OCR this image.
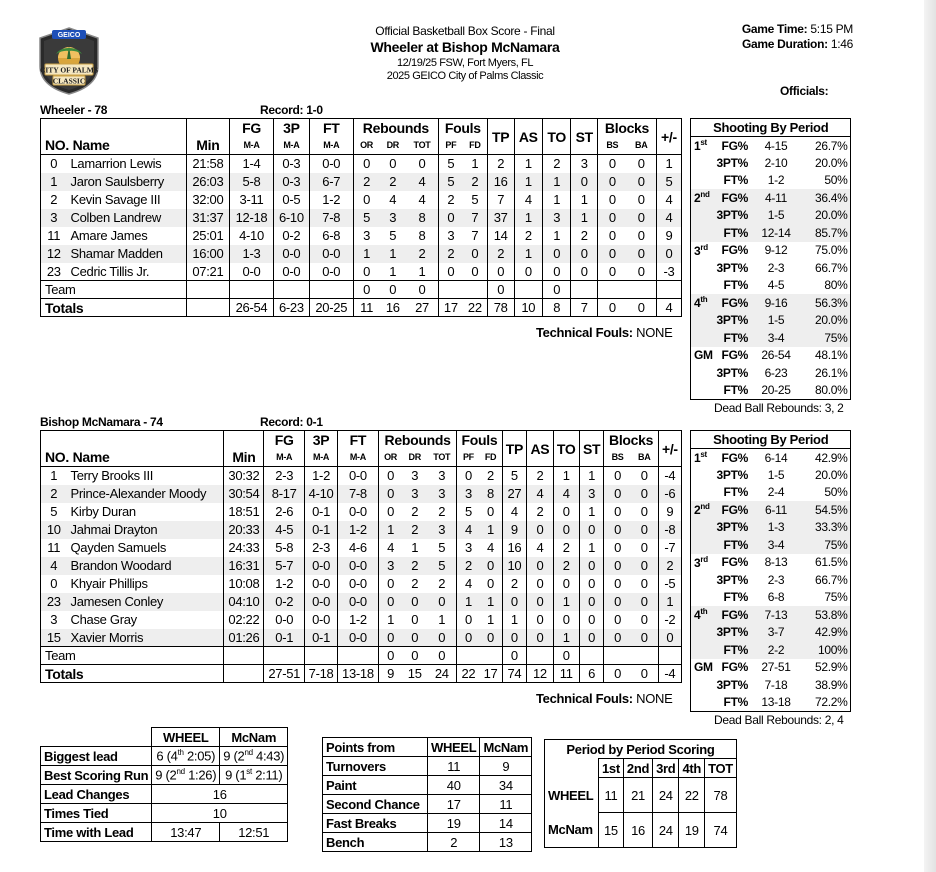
GEICO
CITY OF PALMS
CLASSIC
Official Basketball Box Score - Final
Wheeler at Bishop McNamara
12/19/25 FSW, Fort Myers, FL
2025 GEICO City of Palms Classic
Game Time: 5:15 PM
Game Duration: 1:46
Officials:
Wheeler - 78	Record: 1-0
			FG	3P	FT	Rebounds			Fouls		TP	AS	TO	ST	Blocks		+/-
NO. Name		Min	M-A	M-A	M-A	OR	DR	TOT	PF	FD					BS	BA	
0	Lamarrion Lewis	21:58	1-4	0-3	0-0	0	0	0	5	1	2	1	2	3	0	0	1
1	Jaron Saulsberry	26:03	5-8	0-3	6-7	2	2	4	5	2	16	1	1	0	0	0	5
2	Kevin Savage III	32:00	3-11	0-5	1-2	0	4	4	2	5	7	4	1	1	0	0	4
3	Colben Landrew	31:37	12-18	6-10	7-8	5	3	8	0	7	37	1	3	1	0	0	4
11	Amare James	25:01	4-10	0-2	6-8	3	5	8	3	7	14	2	1	2	0	0	9
12	Shamar Madden	16:00	1-3	0-0	0-0	1	1	2	2	0	2	1	0	0	0	0	0
23	Cedric Tillis Jr.	07:21	0-0	0-0	0-0	0	1	1	0	0	0	0	0	0	0	0	-3
Team						0	0	0			0		0				
Totals			26-54	6-23	20-25	11	16	27	17	22	78	10	8	7	0	0	4
Technical Fouls: NONE
Shooting By Period			
1st	FG%	4-15	26.7%
	3PT%	2-10	20.0%
	FT%	1-2	50%
2nd	FG%	4-11	36.4%
	3PT%	1-5	20.0%
	FT%	12-14	85.7%
3rd	FG%	9-12	75.0%
	3PT%	2-3	66.7%
	FT%	4-5	80%
4th	FG%	9-16	56.3%
	3PT%	1-5	20.0%
	FT%	3-4	75%
GM	FG%	26-54	48.1%
	3PT%	6-23	26.1%
	FT%	20-25	80.0%
Dead Ball Rebounds: 3, 2
Bishop McNamara - 74	Record: 0-1
			FG	3P	FT	Rebounds			Fouls		TP	AS	TO	ST	Blocks		+/-
NO. Name		Min	M-A	M-A	M-A	OR	DR	TOT	PF	FD					BS	BA	
1	Terry Brooks III	30:32	2-3	1-2	0-0	0	3	3	0	2	5	2	1	1	0	0	-4
2	Prince-Alexander Moody	30:54	8-17	4-10	7-8	0	3	3	3	8	27	4	4	3	0	0	-6
5	Kirby Duran	18:51	2-6	0-1	0-0	0	2	2	5	0	4	2	0	1	0	0	9
10	Jahmai Drayton	20:33	4-5	0-1	1-2	1	2	3	4	1	9	0	0	0	0	0	-8
11	Qayden Samuels	24:33	5-8	2-3	4-6	4	1	5	3	4	16	4	2	1	0	0	-7
4	Brandon Woodard	16:31	5-7	0-0	0-0	3	2	5	2	0	10	0	2	0	0	0	2
0	Khyair Phillips	10:08	1-2	0-0	0-0	0	2	2	4	0	2	0	0	0	0	0	-5
23	Jamesen Conley	04:10	0-2	0-0	0-0	0	0	0	1	1	0	0	1	0	0	0	1
3	Chase Gray	02:22	0-0	0-0	1-2	1	0	1	0	1	1	0	0	0	0	0	-2
15	Xavier Morris	01:26	0-1	0-1	0-0	0	0	0	0	0	0	0	1	0	0	0	0
Team						0	0	0			0		0				
Totals			27-51	7-18	13-18	9	15	24	22	17	74	12	11	6	0	0	-4
Technical Fouls: NONE
Shooting By Period			
1st	FG%	6-14	42.9%
	3PT%	1-5	20.0%
	FT%	2-4	50%
2nd	FG%	6-11	54.5%
	3PT%	1-3	33.3%
	FT%	3-4	75%
3rd	FG%	8-13	61.5%
	3PT%	2-3	66.7%
	FT%	6-8	75%
4th	FG%	7-13	53.8%
	3PT%	3-7	42.9%
	FT%	2-2	100%
GM	FG%	27-51	52.9%
	3PT%	7-18	38.9%
	FT%	13-18	72.2%
Dead Ball Rebounds: 2, 4
	WHEEL	McNam
Biggest lead	6 (4th 2:05)	9 (2nd 4:43)
Best Scoring Run	9 (2nd 1:26)	9 (1st 2:11)
Lead Changes	16	
Times Tied	10	
Time with Lead	13:47	12:51
Points from	WHEEL	McNam
Turnovers	11	9
Paint	40	34
Second Chance	17	11
Fast Breaks	19	14
Bench	2	13
Period by Period Scoring					
	1st	2nd	3rd	4th	TOT
WHEEL	11	21	24	22	78
McNam	15	16	24	19	74
